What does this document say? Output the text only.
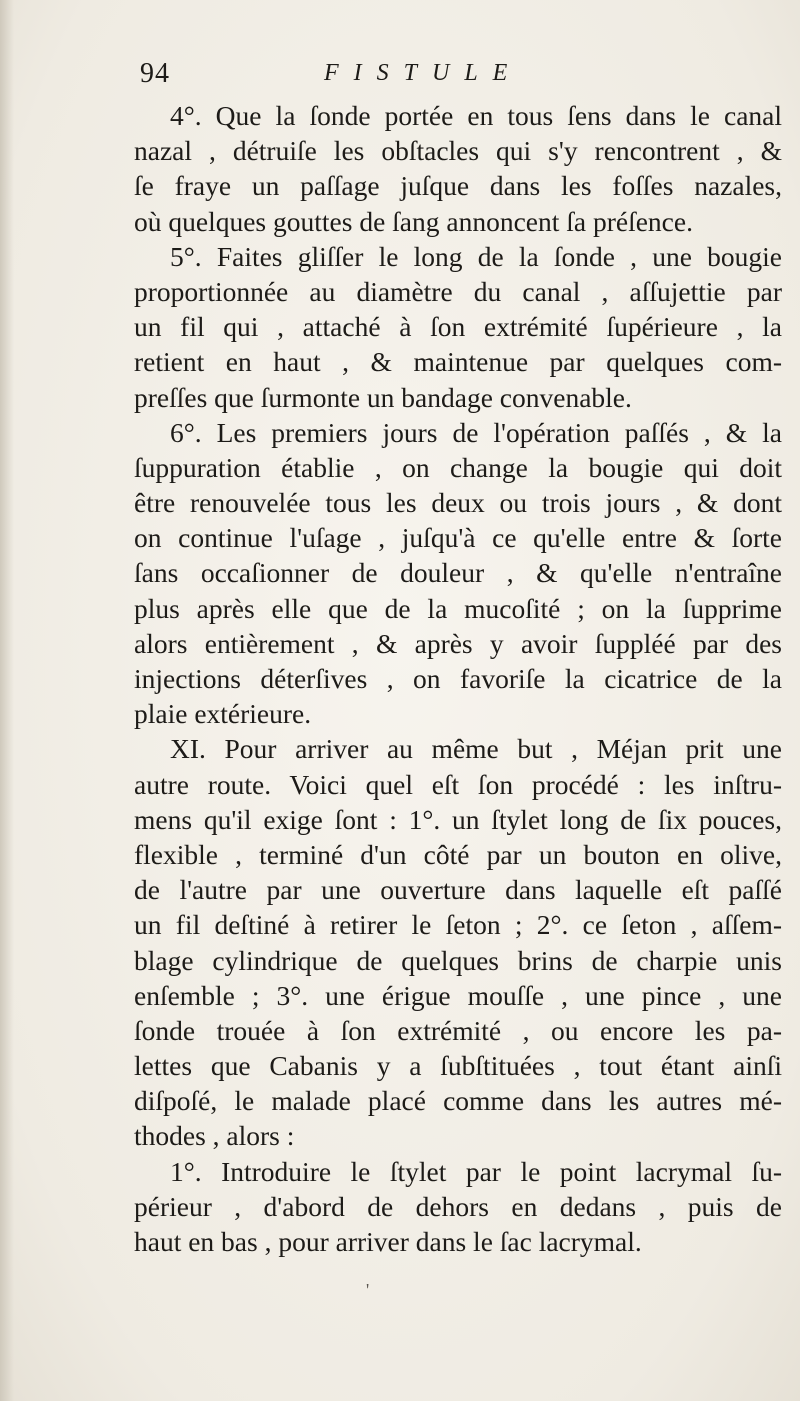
94	FISTULE
4°. Que la ſonde portée en tous ſens dans le canal
nazal , détruiſe les obſtacles qui s'y rencontrent , &
ſe fraye un paſſage juſque dans les foſſes nazales,
où quelques gouttes de ſang annoncent ſa préſence.
5°. Faites gliſſer le long de la ſonde , une bougie
proportionnée au diamètre du canal , aſſujettie par
un fil qui , attaché à ſon extrémité ſupérieure , la
retient en haut , & maintenue par quelques com-
preſſes que ſurmonte un bandage convenable.
6°. Les premiers jours de l'opération paſſés , & la
ſuppuration établie , on change la bougie qui doit
être renouvelée tous les deux ou trois jours , & dont
on continue l'uſage , juſqu'à ce qu'elle entre & ſorte
ſans occaſionner de douleur , & qu'elle n'entraîne
plus après elle que de la mucoſité ; on la ſupprime
alors entièrement , & après y avoir ſuppléé par des
injections déterſives , on favoriſe la cicatrice de la
plaie extérieure.
XI. Pour arriver au même but , Méjan prit une
autre route. Voici quel eſt ſon procédé : les inſtru-
mens qu'il exige ſont : 1°. un ſtylet long de ſix pouces,
flexible , terminé d'un côté par un bouton en olive,
de l'autre par une ouverture dans laquelle eſt paſſé
un fil deſtiné à retirer le ſeton ; 2°. ce ſeton , aſſem-
blage cylindrique de quelques brins de charpie unis
enſemble ; 3°. une érigue mouſſe , une pince , une
ſonde trouée à ſon extrémité , ou encore les pa-
lettes que Cabanis y a ſubſtituées , tout étant ainſi
diſpoſé, le malade placé comme dans les autres mé-
thodes , alors :
1°. Introduire le ſtylet par le point lacrymal ſu-
périeur , d'abord de dehors en dedans , puis de
haut en bas , pour arriver dans le ſac lacrymal.
'
